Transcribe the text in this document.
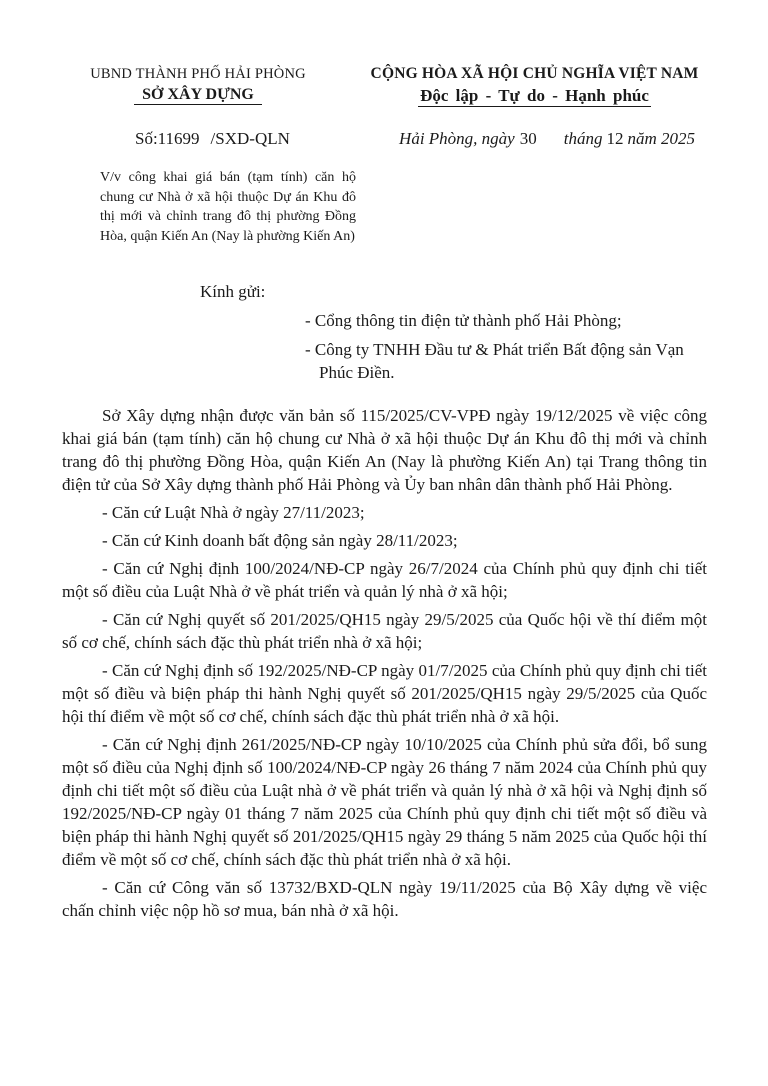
UBND THÀNH PHỐ HẢI PHÒNG
SỞ XÂY DỰNG
CỘNG HÒA XÃ HỘI CHỦ NGHĨA VIỆT NAM
Độc lập - Tự do - Hạnh phúc
Số:11699 /SXD-QLN	Hải Phòng, ngày 30 tháng 12 năm 2025
V/v công khai giá bán (tạm tính) căn hộ chung cư Nhà ở xã hội thuộc Dự án Khu đô thị mới và chỉnh trang đô thị phường Đồng Hòa, quận Kiến An (Nay là phường Kiến An)
Kính gửi:
- Cổng thông tin điện tử thành phố Hải Phòng;
- Công ty TNHH Đầu tư & Phát triển Bất động sản Vạn Phúc Điền.

Sở Xây dựng nhận được văn bản số 115/2025/CV-VPĐ ngày 19/12/2025 về việc công khai giá bán (tạm tính) căn hộ chung cư Nhà ở xã hội thuộc Dự án Khu đô thị mới và chỉnh trang đô thị phường Đồng Hòa, quận Kiến An (Nay là phường Kiến An) tại Trang thông tin điện tử của Sở Xây dựng thành phố Hải Phòng và Ủy ban nhân dân thành phố Hải Phòng.

- Căn cứ Luật Nhà ở ngày 27/11/2023;

- Căn cứ Kinh doanh bất động sản ngày 28/11/2023;

- Căn cứ Nghị định 100/2024/NĐ-CP ngày 26/7/2024 của Chính phủ quy định chi tiết một số điều của Luật Nhà ở về phát triển và quản lý nhà ở xã hội;

- Căn cứ Nghị quyết số 201/2025/QH15 ngày 29/5/2025 của Quốc hội về thí điểm một số cơ chế, chính sách đặc thù phát triển nhà ở xã hội;

- Căn cứ Nghị định số 192/2025/NĐ-CP ngày 01/7/2025 của Chính phủ quy định chi tiết một số điều và biện pháp thi hành Nghị quyết số 201/2025/QH15 ngày 29/5/2025 của Quốc hội thí điểm về một số cơ chế, chính sách đặc thù phát triển nhà ở xã hội.

- Căn cứ Nghị định 261/2025/NĐ-CP ngày 10/10/2025 của Chính phủ sửa đổi, bổ sung một số điều của Nghị định số 100/2024/NĐ-CP ngày 26 tháng 7 năm 2024 của Chính phủ quy định chi tiết một số điều của Luật nhà ở về phát triển và quản lý nhà ở xã hội và Nghị định số 192/2025/NĐ-CP ngày 01 tháng 7 năm 2025 của Chính phủ quy định chi tiết một số điều và biện pháp thi hành Nghị quyết số 201/2025/QH15 ngày 29 tháng 5 năm 2025 của Quốc hội thí điểm về một số cơ chế, chính sách đặc thù phát triển nhà ở xã hội.

- Căn cứ Công văn số 13732/BXD-QLN ngày 19/11/2025 của Bộ Xây dựng về việc chấn chỉnh việc nộp hồ sơ mua, bán nhà ở xã hội.
